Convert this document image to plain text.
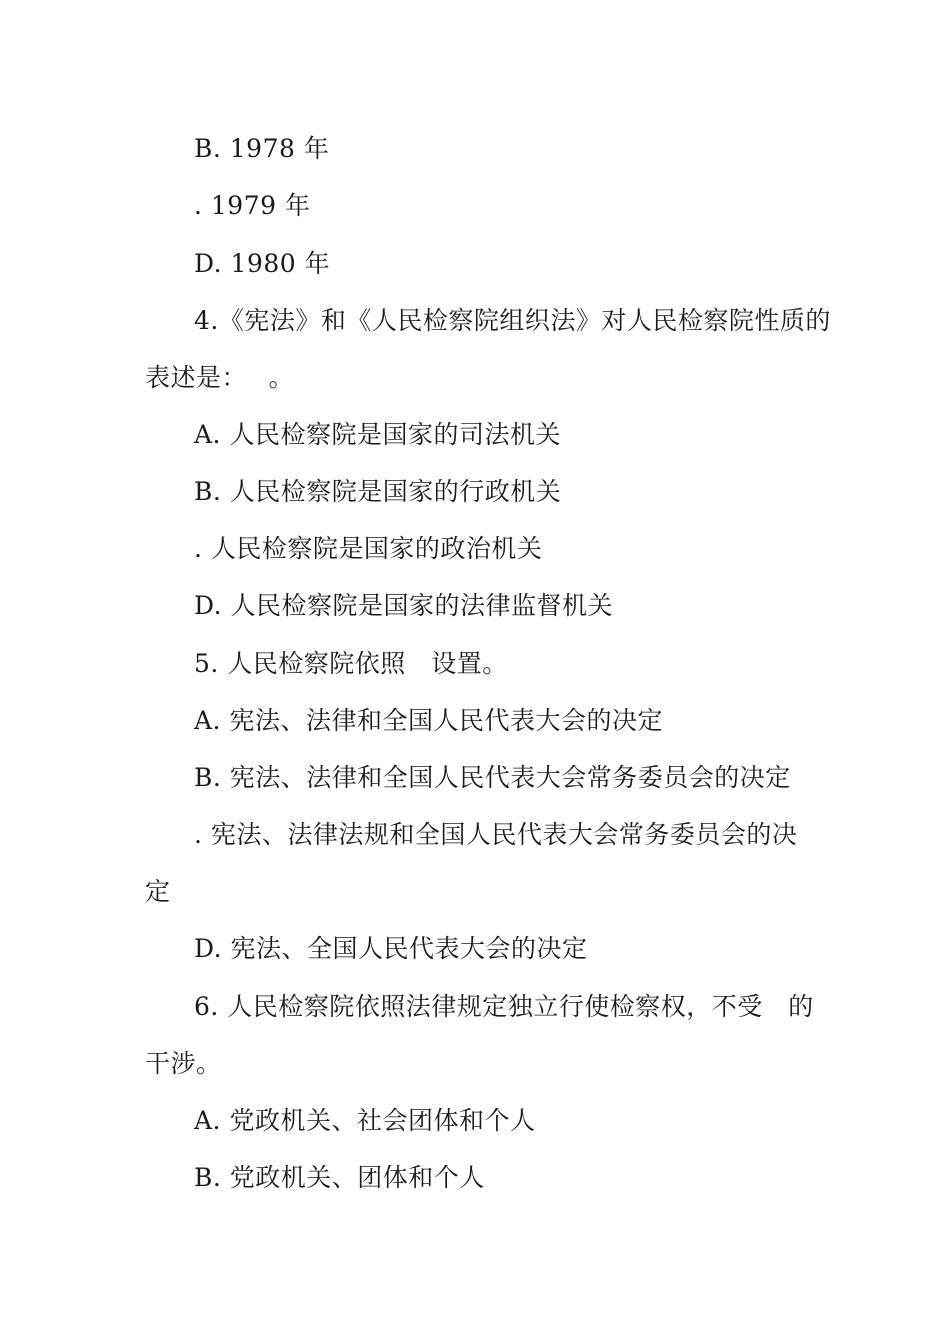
B. 1978 年
. 1979 年
D. 1980 年
4.《宪法》和《人民检察院组织法》对人民检察院性质的
表述是：　 。
A. 人民检察院是国家的司法机关
B. 人民检察院是国家的行政机关
. 人民检察院是国家的政治机关
D. 人民检察院是国家的法律监督机关
5. 人民检察院依照　设置。
A. 宪法、法律和全国人民代表大会的决定
B. 宪法、法律和全国人民代表大会常务委员会的决定
. 宪法、法律法规和全国人民代表大会常务委员会的决
定
D. 宪法、全国人民代表大会的决定
6. 人民检察院依照法律规定独立行使检察权，不受　的
干涉。
A. 党政机关、社会团体和个人
B. 党政机关、团体和个人
